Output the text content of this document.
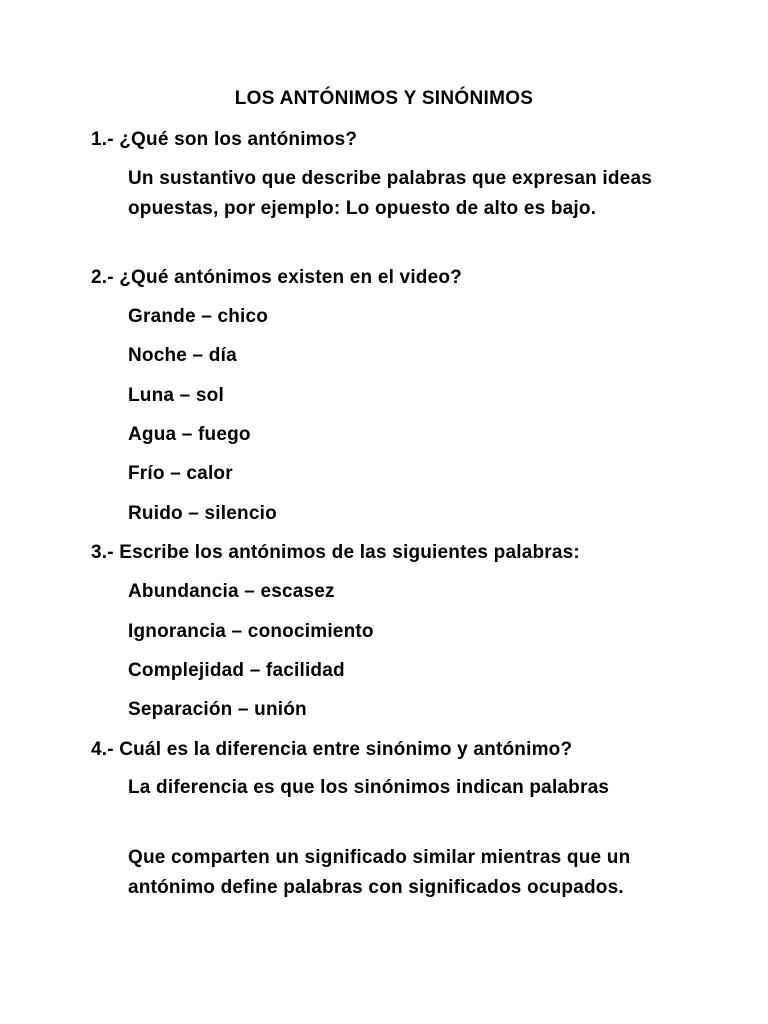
LOS ANTÓNIMOS Y SINÓNIMOS
1.- ¿Qué son los antónimos?
Un sustantivo que describe palabras que expresan ideas opuestas, por ejemplo: Lo opuesto de alto es bajo.
2.- ¿Qué antónimos existen en el video?
Grande – chico
Noche – día
Luna – sol
Agua – fuego
Frío – calor
Ruido – silencio
3.- Escribe los antónimos de las siguientes palabras:
Abundancia – escasez
Ignorancia – conocimiento
Complejidad – facilidad
Separación – unión
4.- Cuál es la diferencia entre sinónimo y antónimo?
La diferencia es que los sinónimos indican palabras
Que comparten un significado similar mientras que un antónimo define palabras con significados ocupados.
